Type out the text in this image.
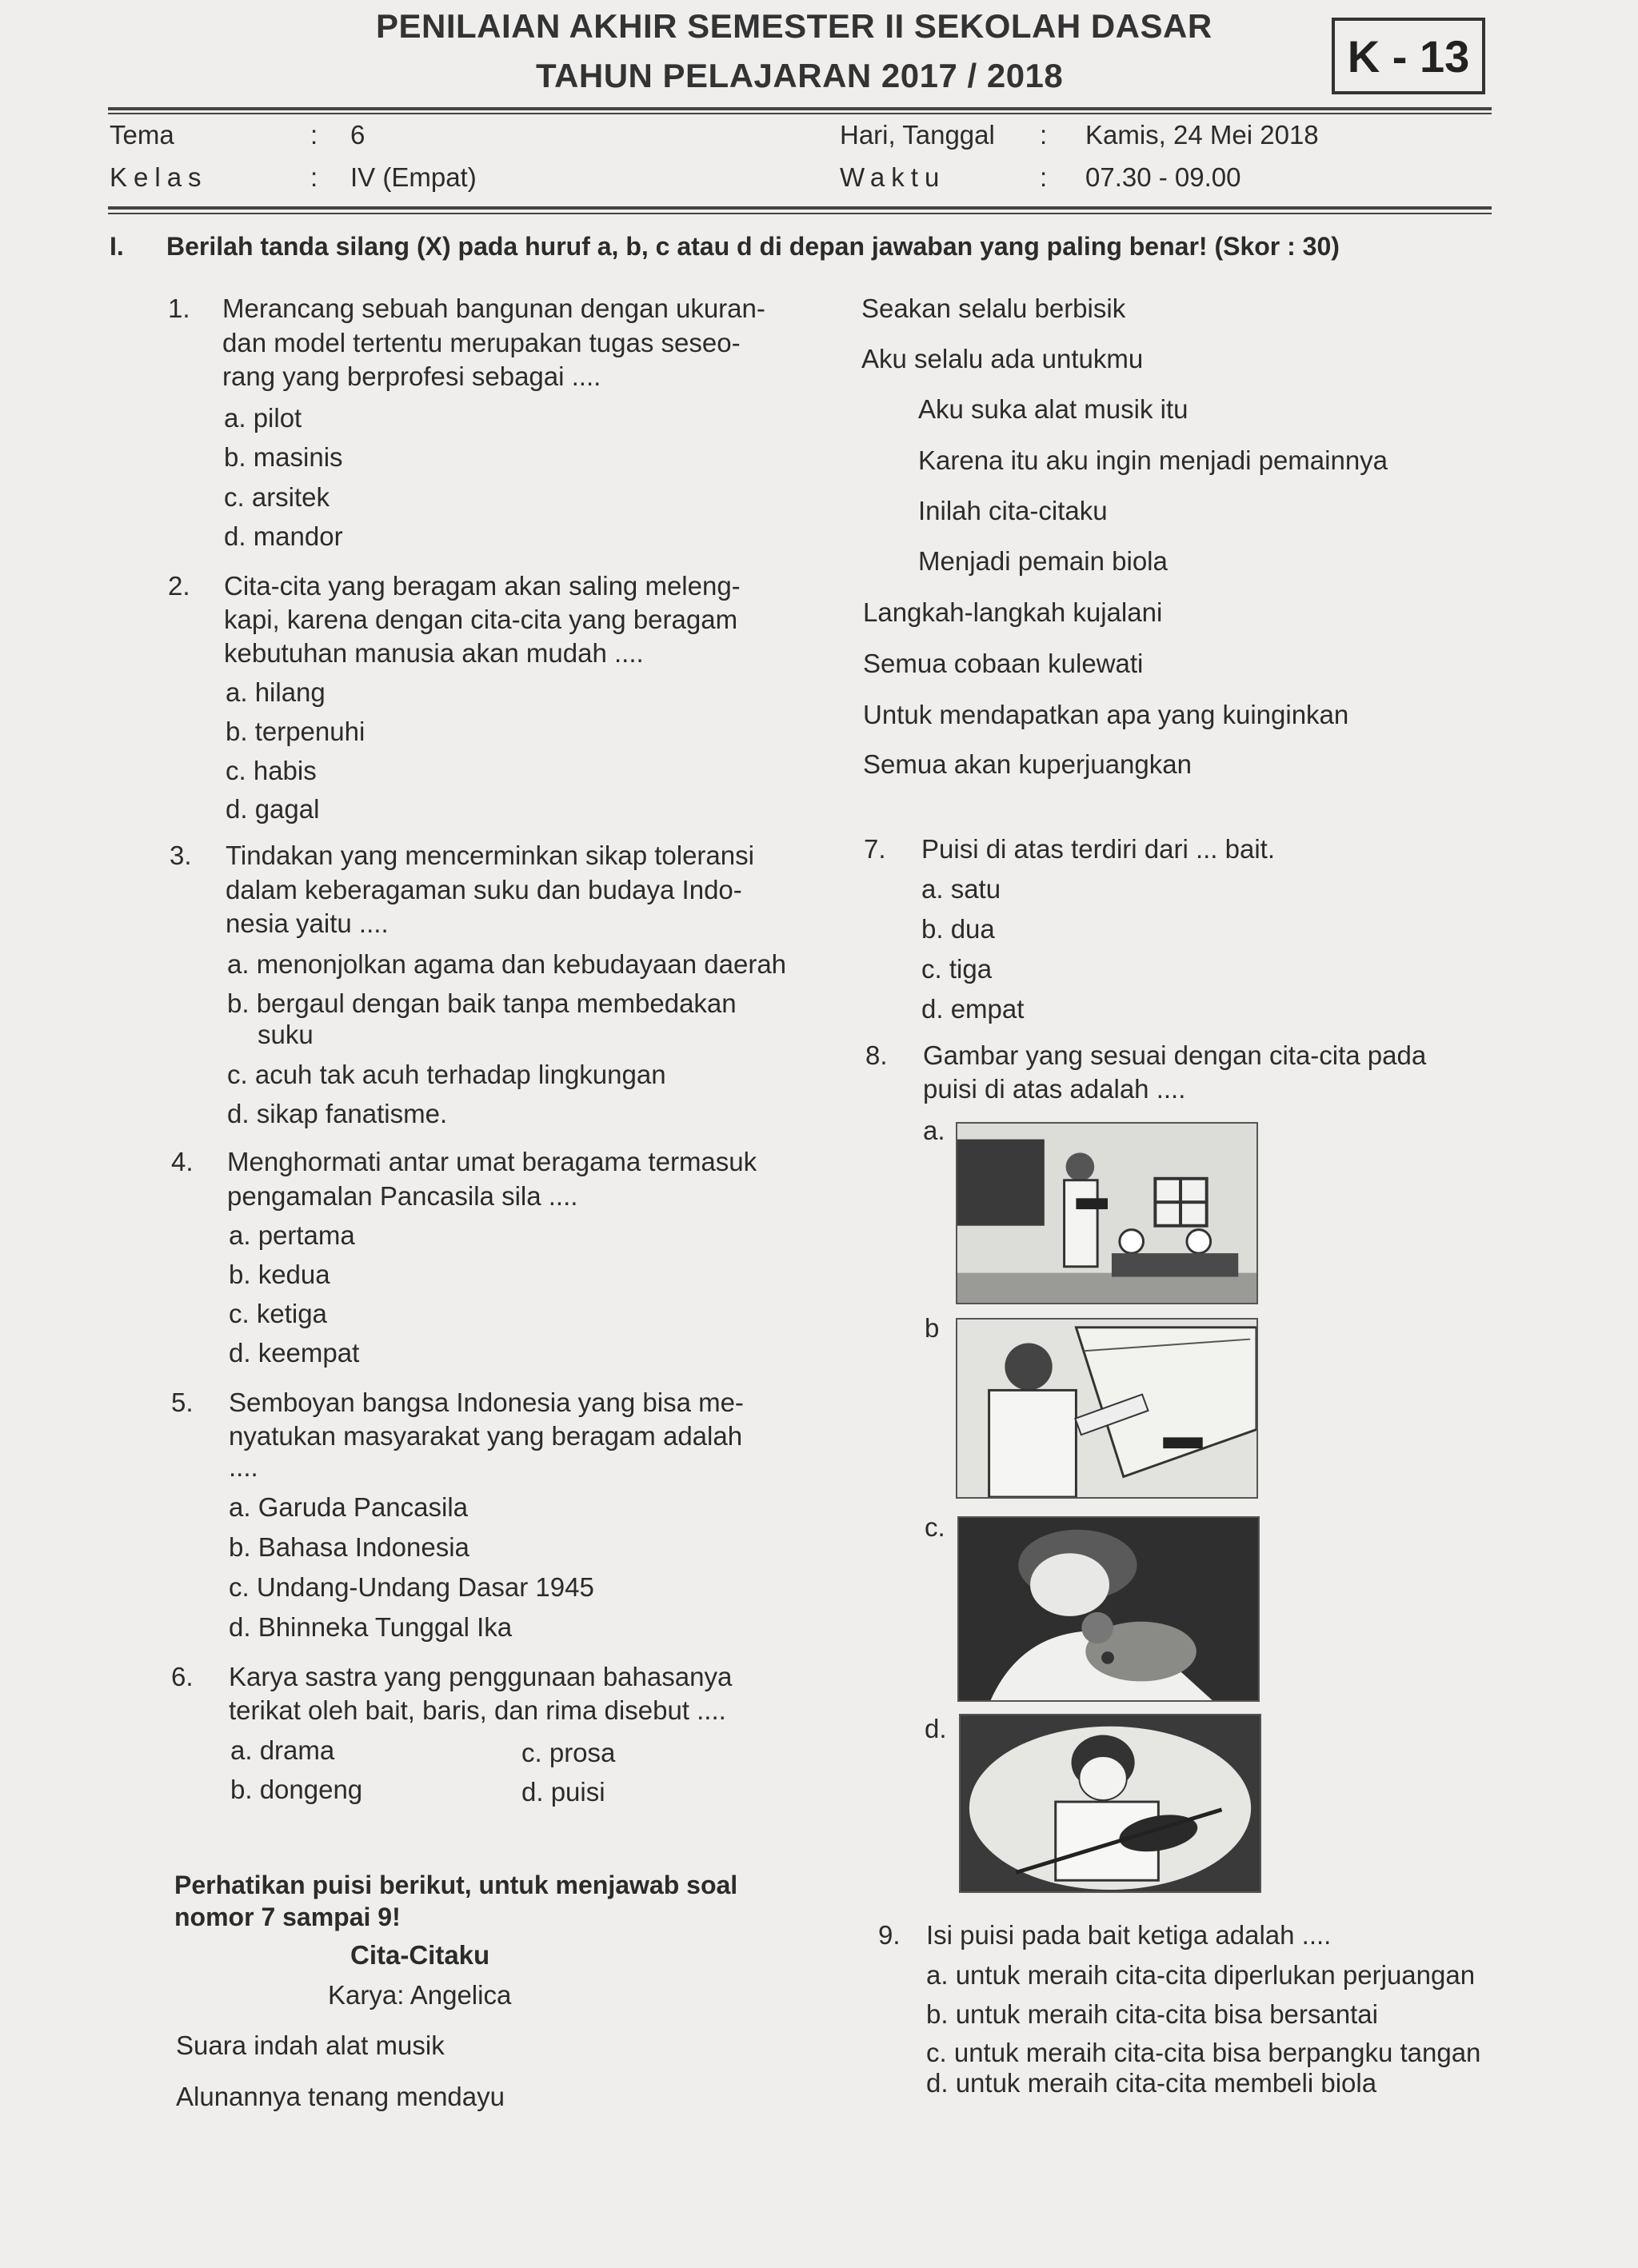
PENILAIAN AKHIR SEMESTER II SEKOLAH DASAR
TAHUN PELAJARAN 2017 / 2018	K - 13
Tema	: 6
Kelas	: IV (Empat)
Hari, Tanggal : Kamis, 24 Mei 2018
Waktu	: 07.30 - 09.00
I. Berilah tanda silang (X) pada huruf a, b, c atau d di depan jawaban yang paling benar! (Skor : 30)
1. Merancang sebuah bangunan dengan ukuran-
dan model tertentu merupakan tugas seseo-
rang yang berprofesi sebagai ....
a. pilot
b. masinis
c. arsitek
d. mandor
2. Cita-cita yang beragam akan saling meleng-
kapi, karena dengan cita-cita yang beragam
kebutuhan manusia akan mudah ....
a. hilang
b. terpenuhi
c. habis
d. gagal
3. Tindakan yang mencerminkan sikap toleransi
dalam keberagaman suku dan budaya Indo-
nesia yaitu ....
a. menonjolkan agama dan kebudayaan daerah
b. bergaul dengan baik tanpa membedakan
suku
c. acuh tak acuh terhadap lingkungan
d. sikap fanatisme.
4. Menghormati antar umat beragama termasuk
pengamalan Pancasila sila ....
a. pertama
b. kedua
c. ketiga
d. keempat
5. Semboyan bangsa Indonesia yang bisa me-
nyatukan masyarakat yang beragam adalah
....
a. Garuda Pancasila
b. Bahasa Indonesia
c. Undang-Undang Dasar 1945
d. Bhinneka Tunggal Ika
6. Karya sastra yang penggunaan bahasanya
terikat oleh bait, baris, dan rima disebut ....
a. drama
b. dongeng
c. prosa
d. puisi
Perhatikan puisi berikut, untuk menjawab soal
nomor 7 sampai 9!
Cita-Citaku
Karya: Angelica
Suara indah alat musik
Alunannya tenang mendayu
Seakan selalu berbisik
Aku selalu ada untukmu
Aku suka alat musik itu
Karena itu aku ingin menjadi pemainnya
Inilah cita-citaku
Menjadi pemain biola
Langkah-langkah kujalani
Semua cobaan kulewati
Untuk mendapatkan apa yang kuinginkan
Semua akan kuperjuangkan
7. Puisi di atas terdiri dari ... bait.
a. satu
b. dua
c. tiga
d. empat
8. Gambar yang sesuai dengan cita-cita pada
puisi di atas adalah ....
a.
b
c.
d.
9. Isi puisi pada bait ketiga adalah ....
a. untuk meraih cita-cita diperlukan perjuangan
b. untuk meraih cita-cita bisa bersantai
c. untuk meraih cita-cita bisa berpangku tangan
d. untuk meraih cita-cita membeli biola
